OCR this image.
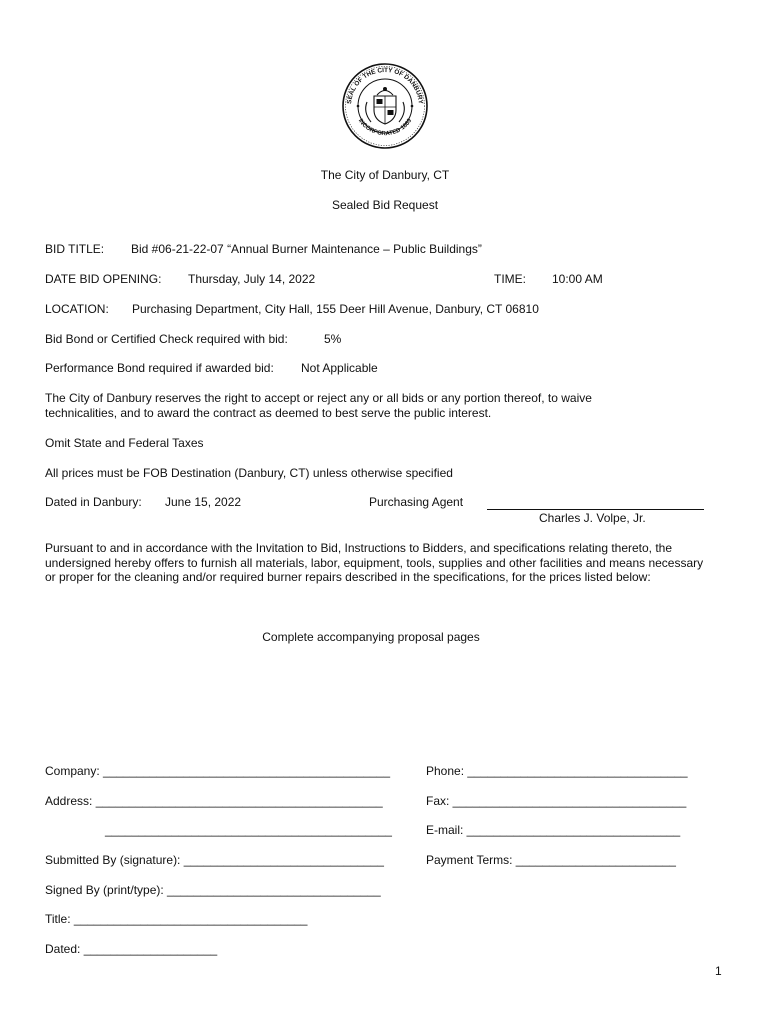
SEAL OF THE CITY OF DANBURY
INCORPORATED 1889
The City of Danbury, CT
Sealed Bid Request
BID TITLE: Bid #06-21-22-07 “Annual Burner Maintenance – Public Buildings”
DATE BID OPENING: Thursday, July 14, 2022	TIME: 10:00 AM
LOCATION: Purchasing Department, City Hall, 155 Deer Hill Avenue, Danbury, CT 06810
Bid Bond or Certified Check required with bid:	5%
Performance Bond required if awarded bid: Not Applicable
The City of Danbury reserves the right to accept or reject any or all bids or any portion thereof, to waive technicalities, and to award the contract as deemed to best serve the public interest.
Omit State and Federal Taxes
All prices must be FOB Destination (Danbury, CT) unless otherwise specified
Dated in Danbury: June 15, 2022	Purchasing Agent
Charles J. Volpe, Jr.
Pursuant to and in accordance with the Invitation to Bid, Instructions to Bidders, and specifications relating thereto, the undersigned hereby offers to furnish all materials, labor, equipment, tools, supplies and other facilities and means necessary or proper for the cleaning and/or required burner repairs described in the specifications, for the prices listed below:
Complete accompanying proposal pages
Company: ___________________________________________	Phone: _________________________________
Address: ___________________________________________	Fax: ___________________________________
___________________________________________	E-mail: ________________________________
Submitted By (signature): ______________________________	Payment Terms: ________________________
Signed By (print/type): ________________________________
Title: ___________________________________
Dated: ____________________
1
